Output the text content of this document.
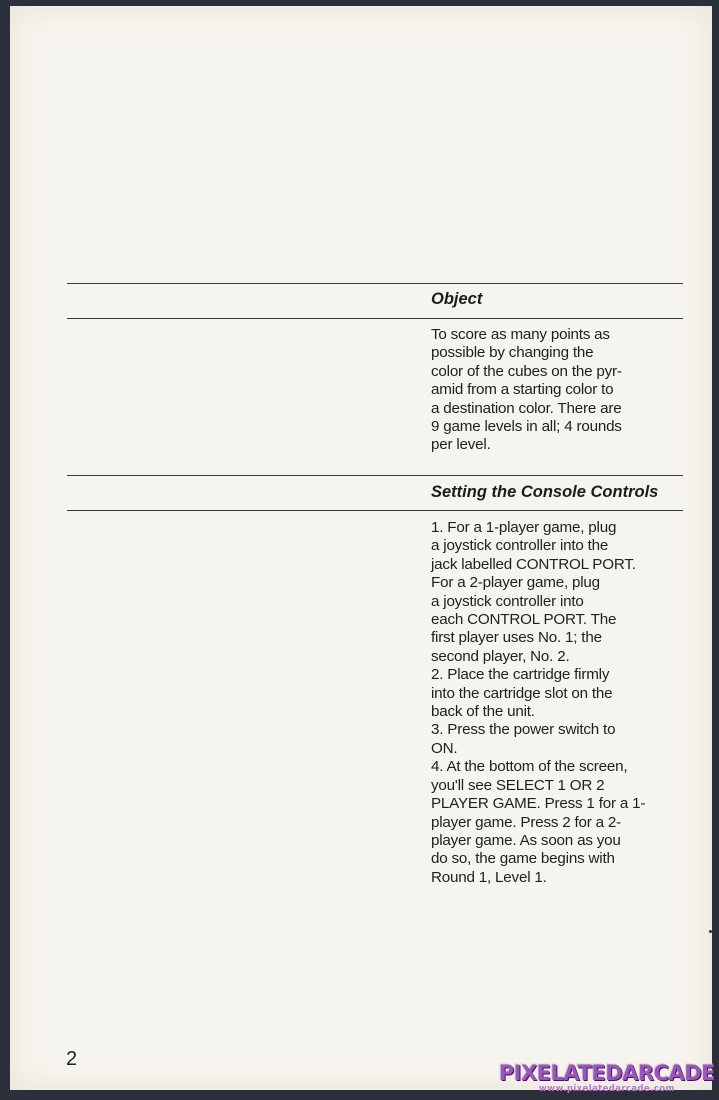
Object

To score as many points as

possible by changing the

color of the cubes on the pyr-

amid from a starting color to

a destination color. There are

9 game levels in all; 4 rounds

per level.

Setting the Console Controls

1. For a 1-player game, plug

a joystick controller into the

jack labelled CONTROL PORT.

For a 2-player game, plug

a joystick controller into

each CONTROL PORT. The

first player uses No. 1; the

second player, No. 2.

2. Place the cartridge firmly

into the cartridge slot on the

back of the unit.

3. Press the power switch to

ON.

4. At the bottom of the screen,

you'll see SELECT 1 OR 2

PLAYER GAME. Press 1 for a 1-

player game. Press 2 for a 2-

player game. As soon as you

do so, the game begins with

Round 1, Level 1.

2
PIXELATEDARCADE
www.pixelatedarcade.com
